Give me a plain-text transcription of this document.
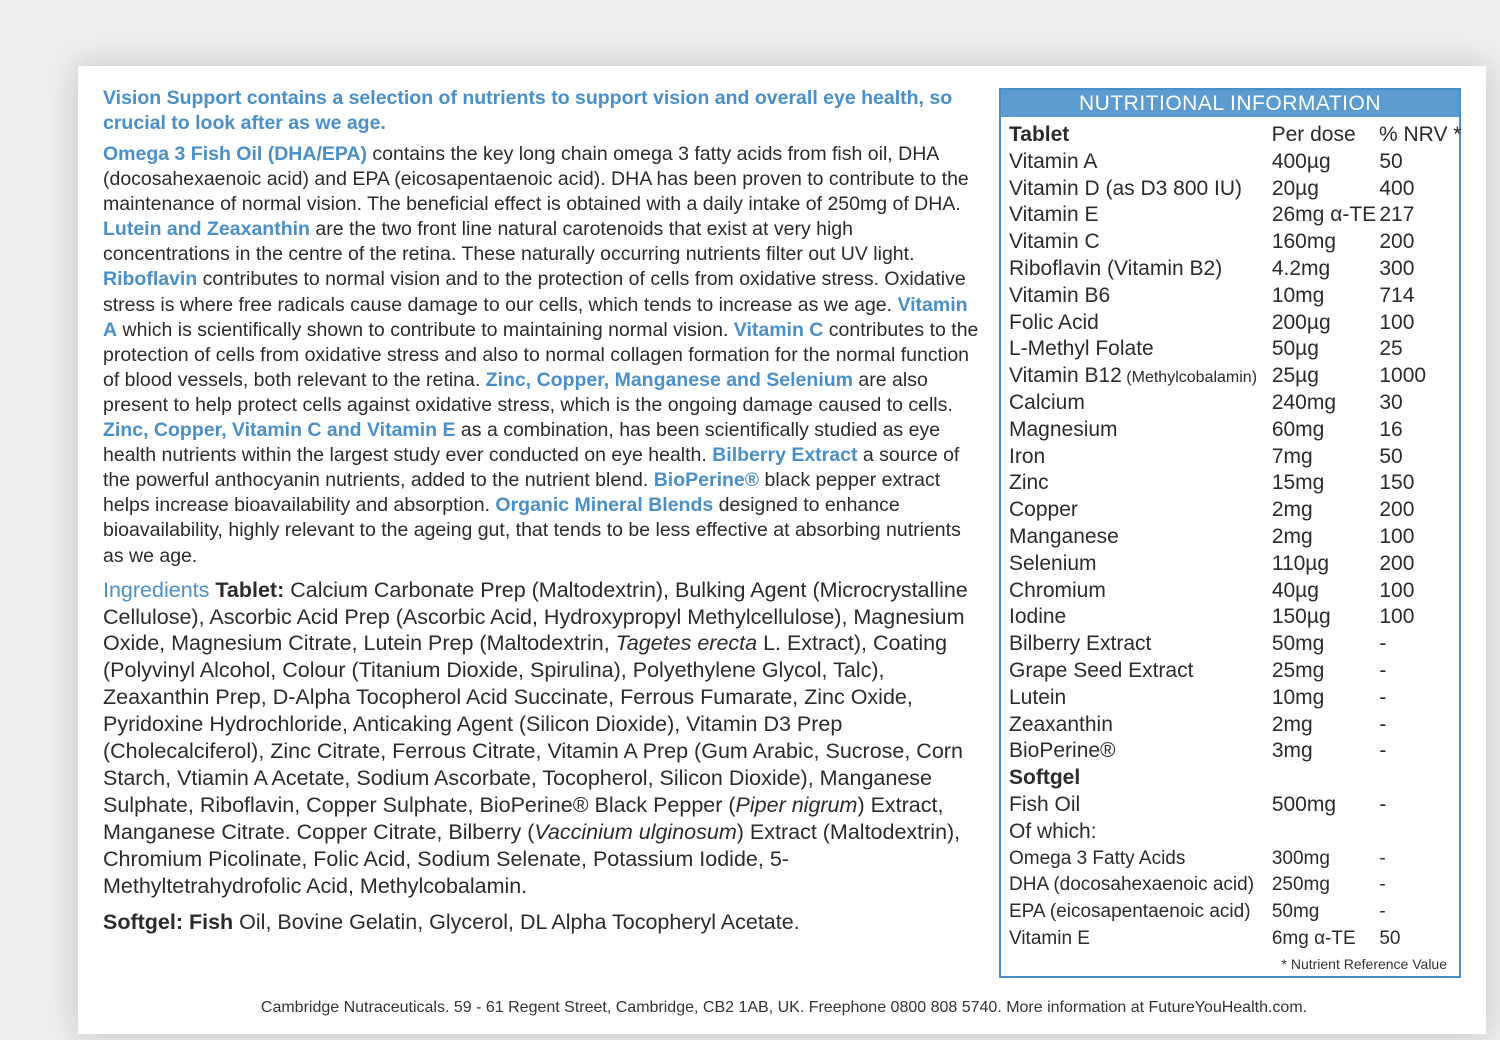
Vision Support contains a selection of nutrients to support vision and overall eye health, so crucial to look after as we age.

Omega 3 Fish Oil (DHA/EPA) contains the key long chain omega 3 fatty acids from fish oil, DHA (docosahexaenoic acid) and EPA (eicosapentaenoic acid). DHA has been proven to contribute to the maintenance of normal vision. The beneficial effect is obtained with a daily intake of 250mg of DHA. Lutein and Zeaxanthin are the two front line natural carotenoids that exist at very high concentrations in the centre of the retina. These naturally occurring nutrients filter out UV light. Riboflavin contributes to normal vision and to the protection of cells from oxidative stress. Oxidative stress is where free radicals cause damage to our cells, which tends to increase as we age. Vitamin A which is scientifically shown to contribute to maintaining normal vision. Vitamin C contributes to the protection of cells from oxidative stress and also to normal collagen formation for the normal function of blood vessels, both relevant to the retina. Zinc, Copper, Manganese and Selenium are also present to help protect cells against oxidative stress, which is the ongoing damage caused to cells. Zinc, Copper, Vitamin C and Vitamin E as a combination, has been scientifically studied as eye health nutrients within the largest study ever conducted on eye health. Bilberry Extract a source of the powerful anthocyanin nutrients, added to the nutrient blend. BioPerine® black pepper extract helps increase bioavailability and absorption. Organic Mineral Blends designed to enhance bioavailability, highly relevant to the ageing gut, that tends to be less effective at absorbing nutrients as we age.

Ingredients Tablet: Calcium Carbonate Prep (Maltodextrin), Bulking Agent (Microcrystalline Cellulose), Ascorbic Acid Prep (Ascorbic Acid, Hydroxypropyl Methylcellulose), Magnesium Oxide, Magnesium Citrate, Lutein Prep (Maltodextrin, Tagetes erecta L. Extract), Coating (Polyvinyl Alcohol, Colour (Titanium Dioxide, Spirulina), Polyethylene Glycol, Talc), Zeaxanthin Prep, D-Alpha Tocopherol Acid Succinate, Ferrous Fumarate, Zinc Oxide, Pyridoxine Hydrochloride, Anticaking Agent (Silicon Dioxide), Vitamin D3 Prep (Cholecalciferol), Zinc Citrate, Ferrous Citrate, Vitamin A Prep (Gum Arabic, Sucrose, Corn Starch, Vtiamin A Acetate, Sodium Ascorbate, Tocopherol, Silicon Dioxide), Manganese Sulphate, Riboflavin, Copper Sulphate, BioPerine® Black Pepper (Piper nigrum) Extract, Manganese Citrate. Copper Citrate, Bilberry (Vaccinium ulginosum) Extract (Maltodextrin), Chromium Picolinate, Folic Acid, Sodium Selenate, Potassium Iodide, 5-Methyltetrahydrofolic Acid, Methylcobalamin.

Softgel: Fish Oil, Bovine Gelatin, Glycerol, DL Alpha Tocopheryl Acetate.

NUTRITIONAL INFORMATION
Tablet	Per dose	% NRV *
Vitamin A	400µg	50
Vitamin D (as D3 800 IU)	20µg	400
Vitamin E	26mg α-TE 217
Vitamin C	160mg	200
Riboflavin (Vitamin B2)	4.2mg	300
Vitamin B6	10mg	714
Folic Acid	200µg	100
L-Methyl Folate	50µg	25
Vitamin B12 (Methylcobalamin) 25µg	1000
Calcium	240mg	30
Magnesium	60mg	16
Iron	7mg	50
Zinc	15mg	150
Copper	2mg	200
Manganese	2mg	100
Selenium	110µg	200
Chromium	40µg	100
Iodine	150µg	100
Bilberry Extract	50mg	-
Grape Seed Extract	25mg	-
Lutein	10mg	-
Zeaxanthin	2mg	-
BioPerine®	3mg	-
Softgel
Fish Oil	500mg	-
Of which:
Omega 3 Fatty Acids	300mg	-
DHA (docosahexaenoic acid) 250mg	-
EPA (eicosapentaenoic acid)	50mg	-
Vitamin E	6mg α-TE	50
* Nutrient Reference Value
Cambridge Nutraceuticals. 59 - 61 Regent Street, Cambridge, CB2 1AB, UK. Freephone 0800 808 5740. More information at FutureYouHealth.com.
